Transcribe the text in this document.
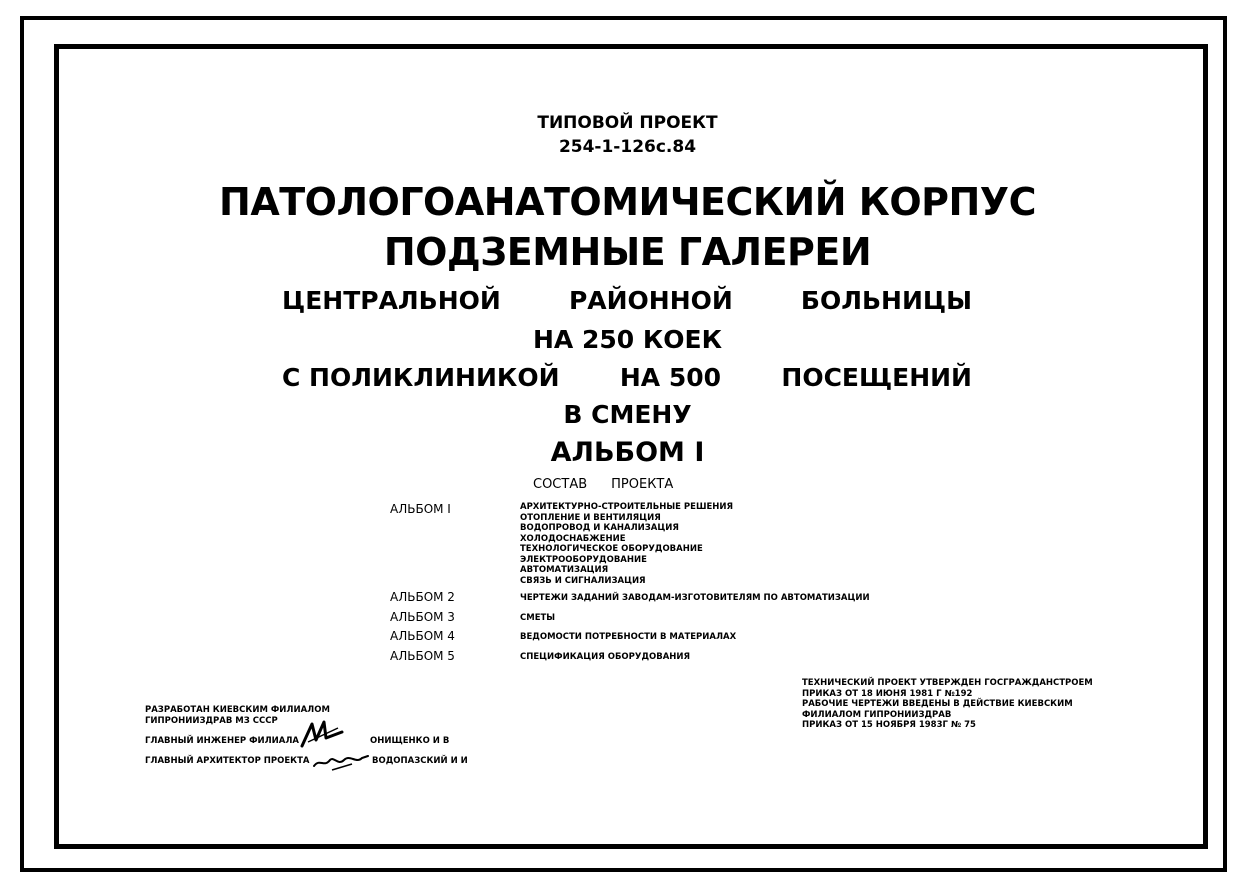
ТИПОВОЙ ПРОЕКТ
254-1-126с.84
ПАТОЛОГОАНАТОМИЧЕСКИЙ КОРПУС
ПОДЗЕМНЫЕ ГАЛЕРЕИ
ЦЕНТРАЛЬНОЙ	РАЙОННОЙ	БОЛЬНИЦЫ
НА 250 КОЕК
С ПОЛИКЛИНИКОЙ НА 500 ПОСЕЩЕНИЙ
В СМЕНУ
АЛЬБОМ I
СОСТАВ ПРОЕКТА
АЛЬБОМ I	АРХИТЕКТУРНО-СТРОИТЕЛЬНЫЕ РЕШЕНИЯ
ОТОПЛЕНИЕ И ВЕНТИЛЯЦИЯ
ВОДОПРОВОД И КАНАЛИЗАЦИЯ
ХОЛОДОСНАБЖЕНИЕ
ТЕХНОЛОГИЧЕСКОЕ ОБОРУДОВАНИЕ
ЭЛЕКТРООБОРУДОВАНИЕ
АВТОМАТИЗАЦИЯ
СВЯЗЬ И СИГНАЛИЗАЦИЯ
АЛЬБОМ 2	ЧЕРТЕЖИ ЗАДАНИЙ ЗАВОДАМ-ИЗГОТОВИТЕЛЯМ ПО АВТОМАТИЗАЦИИ
АЛЬБОМ 3	СМЕТЫ
АЛЬБОМ 4	ВЕДОМОСТИ ПОТРЕБНОСТИ В МАТЕРИАЛАХ
АЛЬБОМ 5	СПЕЦИФИКАЦИЯ ОБОРУДОВАНИЯ
ТЕХНИЧЕСКИЙ ПРОЕКТ УТВЕРЖДЕН ГОСГРАЖДАНСТРОЕМ
ПРИКАЗ ОТ 18 ИЮНЯ 1981 Г №192
РАБОЧИЕ ЧЕРТЕЖИ ВВЕДЕНЫ В ДЕЙСТВИЕ КИЕВСКИМ
ФИЛИАЛОМ ГИПРОНИИЗДРАВ
ПРИКАЗ ОТ 15 НОЯБРЯ 1983Г № 75
РАЗРАБОТАН КИЕВСКИМ ФИЛИАЛОМ
ГИПРОНИИЗДРАВ МЗ СССР
ГЛАВНЫЙ ИНЖЕНЕР ФИЛИАЛА	ОНИЩЕНКО И В
ГЛАВНЫЙ АРХИТЕКТОР ПРОЕКТА	ВОДОПАЗСКИЙ И И
